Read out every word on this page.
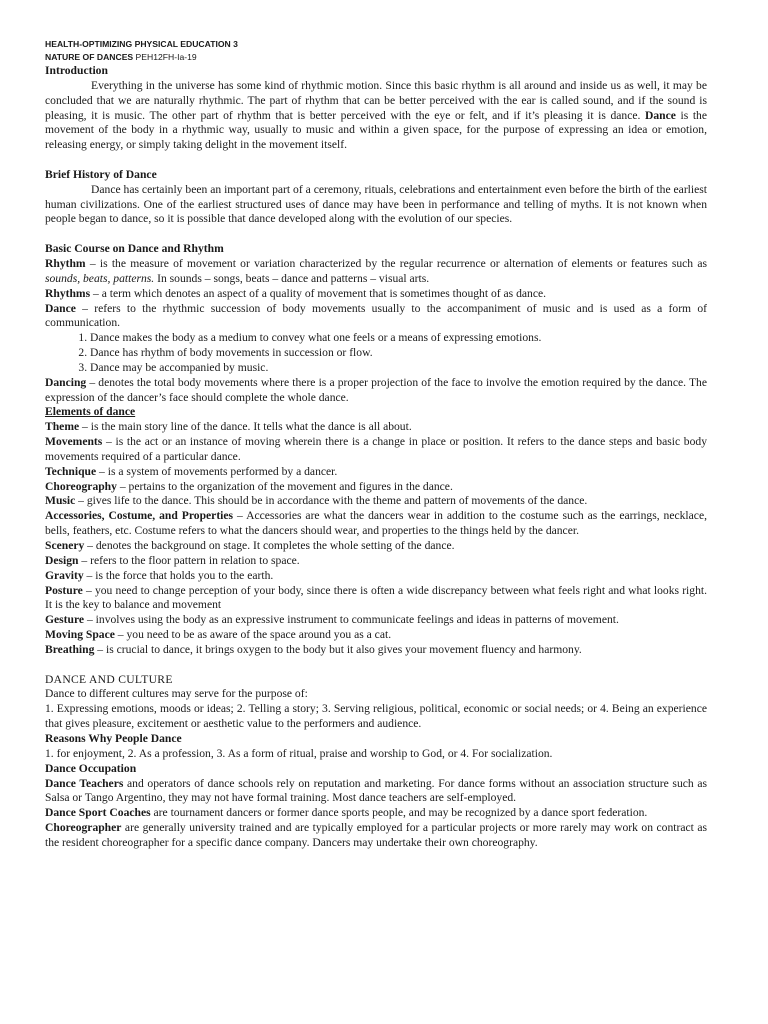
HEALTH-OPTIMIZING PHYSICAL EDUCATION 3
NATURE OF DANCES PEH12FH-Ia-19
Introduction

Everything in the universe has some kind of rhythmic motion. Since this basic rhythm is all around and inside us as well, it may be concluded that we are naturally rhythmic. The part of rhythm that can be better perceived with the ear is called sound, and if the sound is pleasing, it is music. The other part of rhythm that is better perceived with the eye or felt, and if it’s pleasing it is dance. Dance is the movement of the body in a rhythmic way, usually to music and within a given space, for the purpose of expressing an idea or emotion, releasing energy, or simply taking delight in the movement itself.

Brief History of Dance

Dance has certainly been an important part of a ceremony, rituals, celebrations and entertainment even before the birth of the earliest human civilizations. One of the earliest structured uses of dance may have been in performance and telling of myths. It is not known when people began to dance, so it is possible that dance developed along with the evolution of our species.

Basic Course on Dance and Rhythm

Rhythm – is the measure of movement or variation characterized by the regular recurrence or alternation of elements or features such as sounds, beats, patterns. In sounds – songs, beats – dance and patterns – visual arts.

Rhythms – a term which denotes an aspect of a quality of movement that is sometimes thought of as dance.

Dance – refers to the rhythmic succession of body movements usually to the accompaniment of music and is used as a form of communication.

1. Dance makes the body as a medium to convey what one feels or a means of expressing emotions.
2. Dance has rhythm of body movements in succession or flow.
3. Dance may be accompanied by music.

Dancing – denotes the total body movements where there is a proper projection of the face to involve the emotion required by the dance. The expression of the dancer’s face should complete the whole dance.

Elements of dance

Theme – is the main story line of the dance. It tells what the dance is all about.

Movements – is the act or an instance of moving wherein there is a change in place or position. It refers to the dance steps and basic body movements required of a particular dance.

Technique – is a system of movements performed by a dancer.

Choreography – pertains to the organization of the movement and figures in the dance.

Music – gives life to the dance. This should be in accordance with the theme and pattern of movements of the dance.

Accessories, Costume, and Properties – Accessories are what the dancers wear in addition to the costume such as the earrings, necklace, bells, feathers, etc. Costume refers to what the dancers should wear, and properties to the things held by the dancer.

Scenery – denotes the background on stage. It completes the whole setting of the dance.

Design – refers to the floor pattern in relation to space.

Gravity – is the force that holds you to the earth.

Posture – you need to change perception of your body, since there is often a wide discrepancy between what feels right and what looks right. It is the key to balance and movement

Gesture – involves using the body as an expressive instrument to communicate feelings and ideas in patterns of movement.

Moving Space – you need to be as aware of the space around you as a cat.

Breathing – is crucial to dance, it brings oxygen to the body but it also gives your movement fluency and harmony.

DANCE AND CULTURE

Dance to different cultures may serve for the purpose of:

1. Expressing emotions, moods or ideas; 2. Telling a story; 3. Serving religious, political, economic or social needs; or 4. Being an experience that gives pleasure, excitement or aesthetic value to the performers and audience.

Reasons Why People Dance

1. for enjoyment, 2. As a profession, 3. As a form of ritual, praise and worship to God, or 4. For socialization.

Dance Occupation

Dance Teachers and operators of dance schools rely on reputation and marketing. For dance forms without an association structure such as Salsa or Tango Argentino, they may not have formal training. Most dance teachers are self-employed.

Dance Sport Coaches are tournament dancers or former dance sports people, and may be recognized by a dance sport federation.

Choreographer are generally university trained and are typically employed for a particular projects or more rarely may work on contract as the resident choreographer for a specific dance company. Dancers may undertake their own choreography.
